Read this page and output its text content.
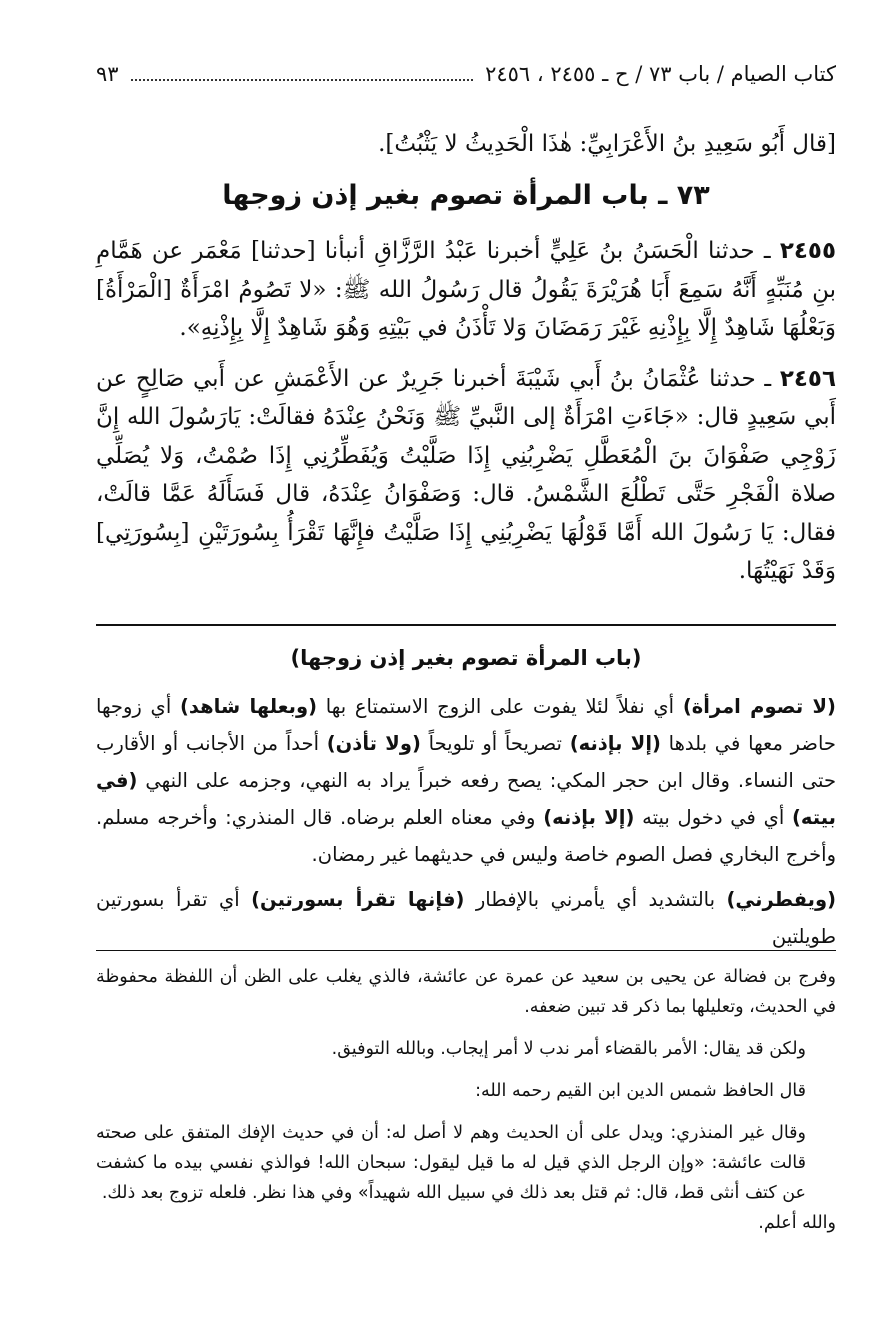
كتاب الصيام / باب ٧٣ / ح ـ ٢٤٥٥ ، ٢٤٥٦
٩٣

[قال أَبُو سَعِيدِ بنُ الأَعْرَابِيِّ: هٰذَا الْحَدِيثُ لا يَثْبُتُ].

٧٣ ـ باب المرأة تصوم بغير إذن زوجها

٢٤٥٥ ـ حدثنا الْحَسَنُ بنُ عَلِيٍّ أخبرنا عَبْدُ الرَّزَّاقِ أنبأنا [حدثنا] مَعْمَر عن هَمَّامِ بنِ مُنَبِّهٍ أَنَّهُ سَمِعَ أَبَا هُرَيْرَةَ يَقُولُ قال رَسُولُ الله ﷺ: «لا تَصُومُ امْرَأَةٌ [الْمَرْأَةُ] وَبَعْلُهَا شَاهِدٌ إِلَّا بِإِذْنِهِ غَيْرَ رَمَضَانَ وَلا تَأْذَنُ في بَيْتِهِ وَهُوَ شَاهِدٌ إِلَّا بِإِذْنِهِ».

٢٤٥٦ ـ حدثنا عُثْمَانُ بنُ أَبي شَيْبَةَ أخبرنا جَرِيرٌ عن الأَعْمَشِ عن أَبي صَالِحٍ عن أَبي سَعِيدٍ قال: «جَاءَتِ امْرَأَةٌ إلى النَّبيِّ ﷺ وَنَحْنُ عِنْدَهُ فقالَتْ: يَارَسُولَ الله إِنَّ زَوْجِي صَفْوَانَ بنَ الْمُعَطَّلِ يَضْرِبُنِي إِذَا صَلَّيْتُ وَيُفَطِّرُنِي إِذَا صُمْتُ، وَلا يُصَلِّي صلاة الْفَجْرِ حَتَّى تَطْلُعَ الشَّمْسُ. قال: وَصَفْوَانُ عِنْدَهُ، قال فَسَأَلَهُ عَمَّا قالَتْ، فقال: يَا رَسُولَ الله أَمَّا قَوْلُهَا يَضْرِبُنِي إِذَا صَلَّيْتُ فإِنَّهَا تَقْرَأُ بِسُورَتَيْنِ [بِسُورَتِي] وَقَدْ نَهَيْتُهَا.

(باب المرأة تصوم بغير إذن زوجها)

(لا تصوم امرأة) أي نفلاً لئلا يفوت على الزوج الاستمتاع بها (وبعلها شاهد) أي زوجها حاضر معها في بلدها (إلا بإذنه) تصريحاً أو تلويحاً (ولا تأذن) أحداً من الأجانب أو الأقارب حتى النساء. وقال ابن حجر المكي: يصح رفعه خبراً يراد به النهي، وجزمه على النهي (في بيته) أي في دخول بيته (إلا بإذنه) وفي معناه العلم برضاه. قال المنذري: وأخرجه مسلم. وأخرج البخاري فصل الصوم خاصة وليس في حديثهما غير رمضان.

(ويفطرني) بالتشديد أي يأمرني بالإفطار (فإنها تقرأ بسورتين) أي تقرأ بسورتين طويلتين

وفرج بن فضالة عن يحيى بن سعيد عن عمرة عن عائشة، فالذي يغلب على الظن أن اللفظة محفوظة في الحديث، وتعليلها بما ذكر قد تبين ضعفه.

ولكن قد يقال: الأمر بالقضاء أمر ندب لا أمر إيجاب. وبالله التوفيق.

قال الحافظ شمس الدين ابن القيم رحمه الله:

وقال غير المنذري: ويدل على أن الحديث وهم لا أصل له: أن في حديث الإفك المتفق على صحته قالت عائشة: «وإن الرجل الذي قيل له ما قيل ليقول: سبحان الله! فوالذي نفسي بيده ما كشفت عن كتف أنثى قط، قال: ثم قتل بعد ذلك في سبيل الله شهيداً» وفي هذا نظر. فلعله تزوج بعد ذلك.

والله أعلم.
